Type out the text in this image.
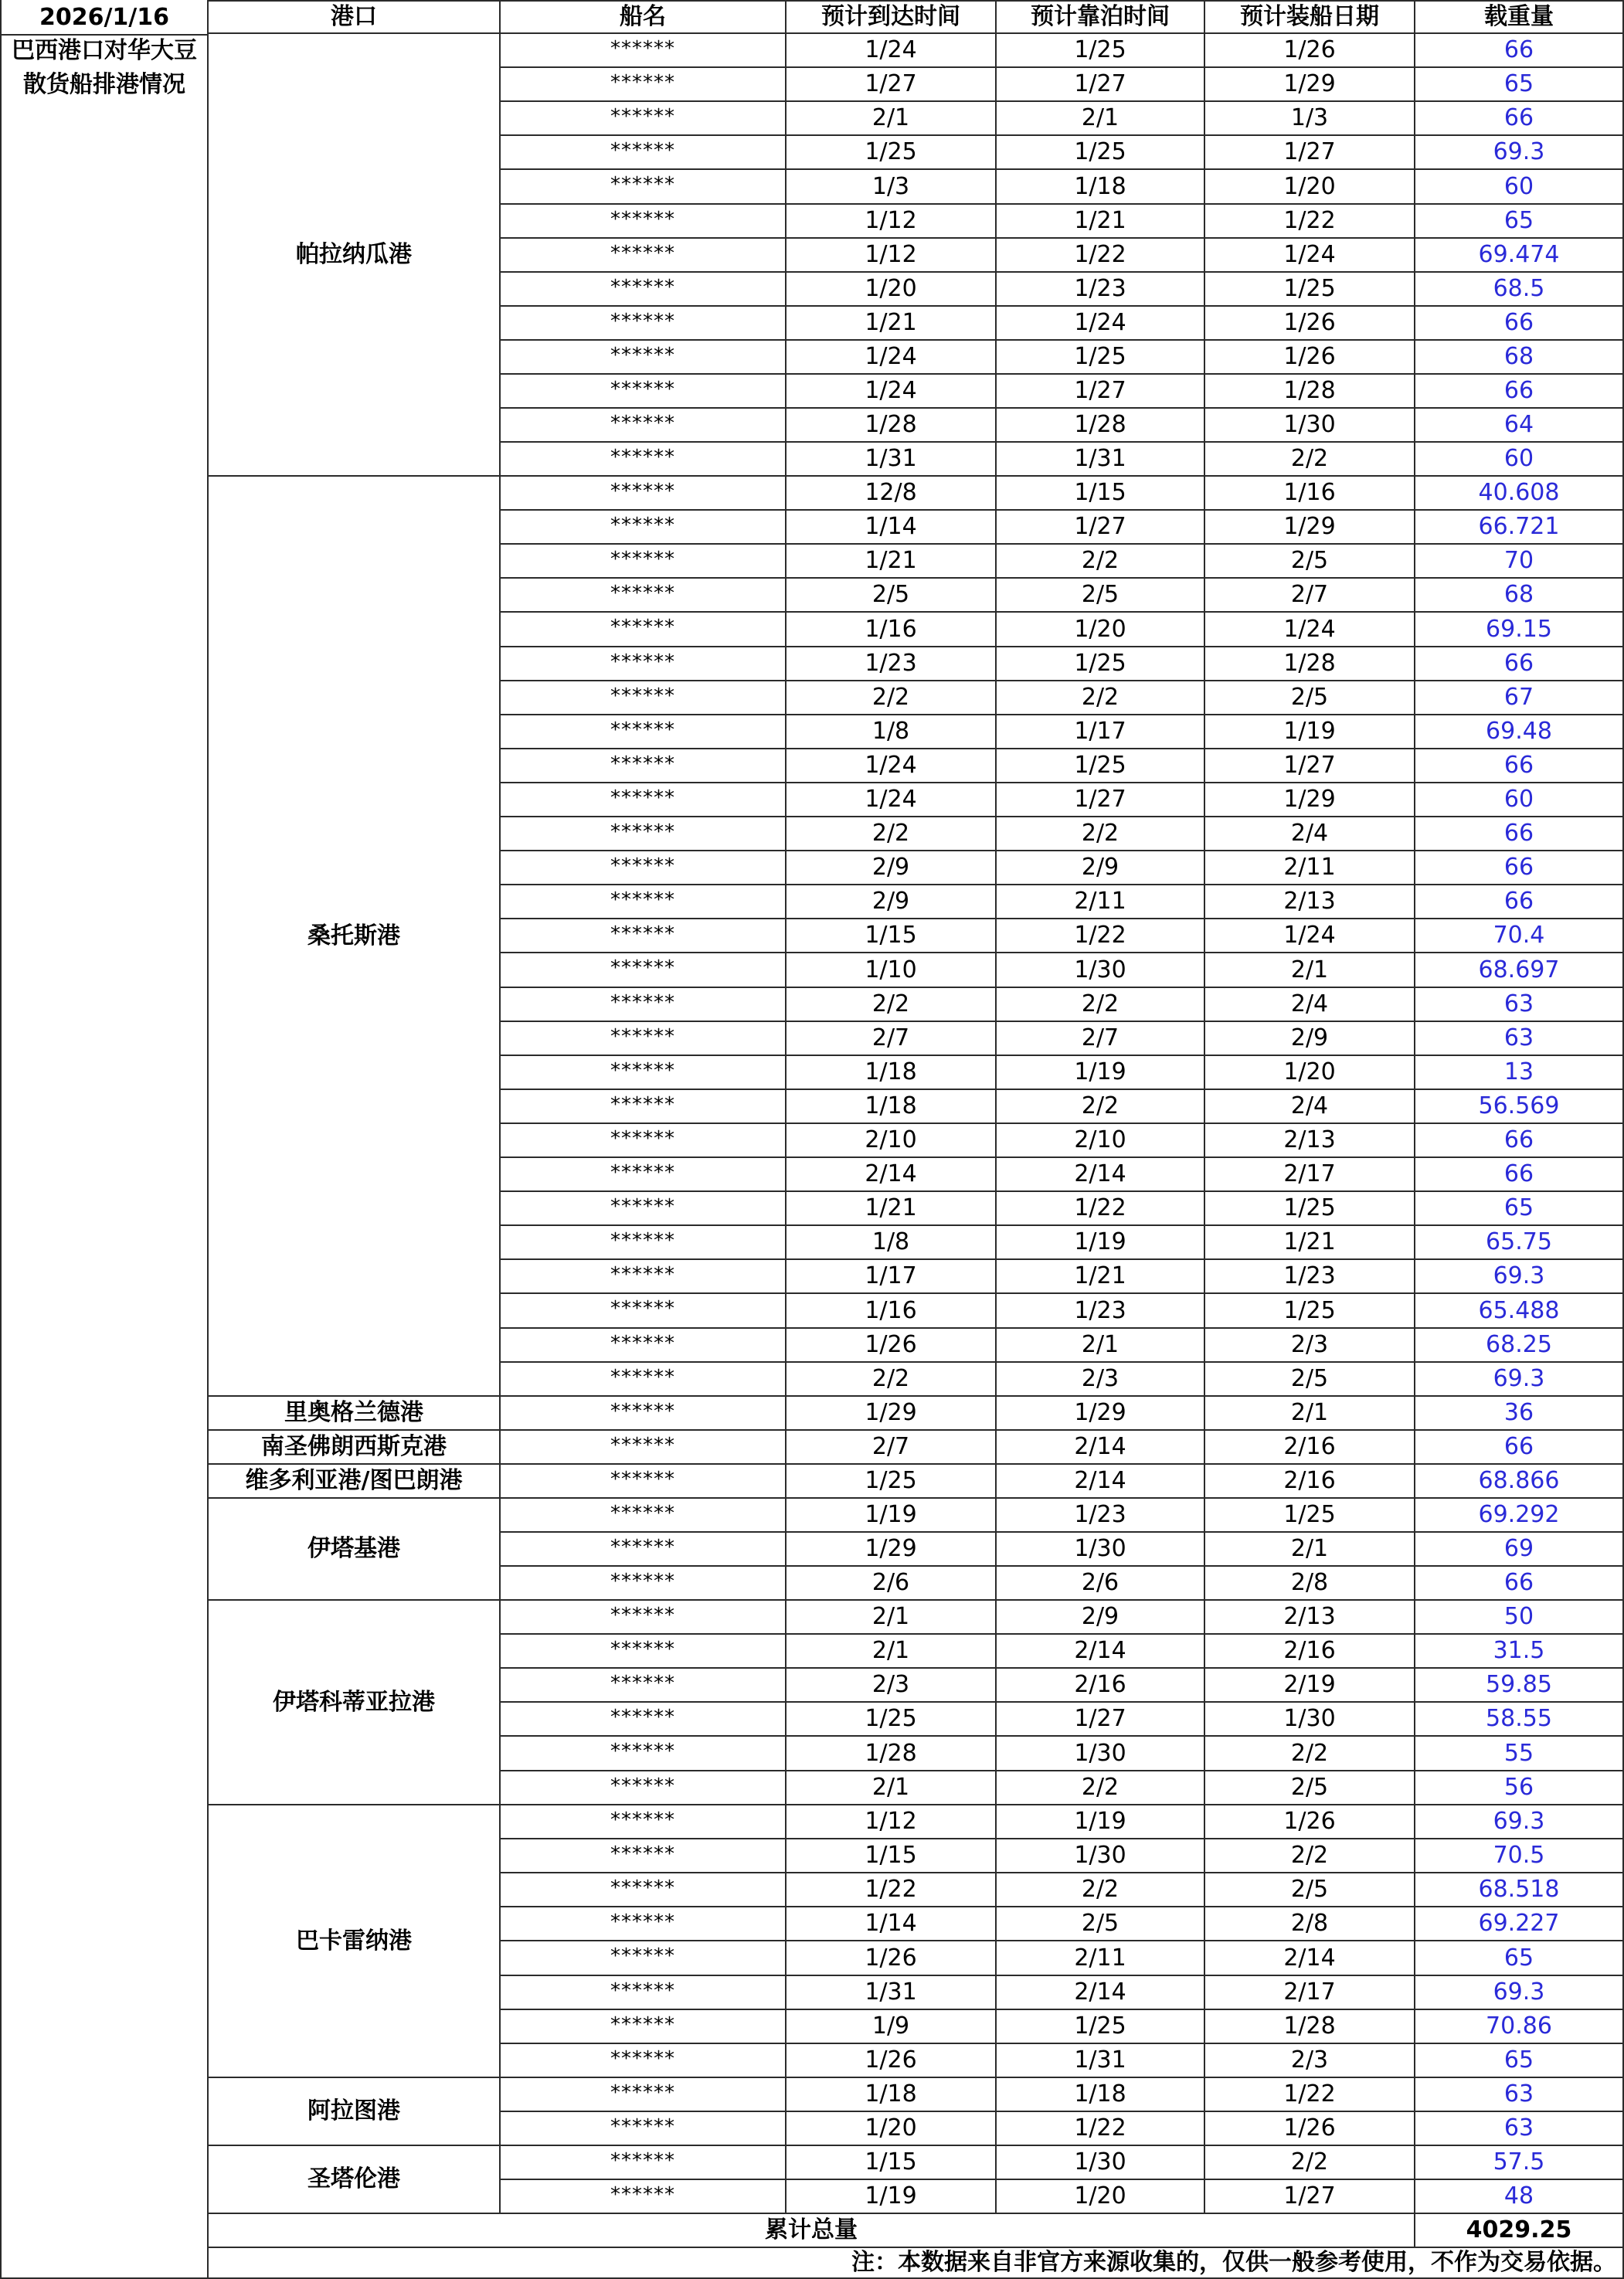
2026/1/16
巴西港口对华大豆
散货船排港情况
港口	船名	预计到达时间	预计靠泊时间	预计装船日期	载重量
帕拉纳瓜港
******	1/24	1/25	1/26	66
******	1/27	1/27	1/29	65
******	2/1	2/1	1/3	66
******	1/25	1/25	1/27	69.3
******	1/3	1/18	1/20	60
******	1/12	1/21	1/22	65
******	1/12	1/22	1/24	69.474
******	1/20	1/23	1/25	68.5
******	1/21	1/24	1/26	66
******	1/24	1/25	1/26	68
******	1/24	1/27	1/28	66
******	1/28	1/28	1/30	64
******	1/31	1/31	2/2	60
桑托斯港
******	12/8	1/15	1/16	40.608
******	1/14	1/27	1/29	66.721
******	1/21	2/2	2/5	70
******	2/5	2/5	2/7	68
******	1/16	1/20	1/24	69.15
******	1/23	1/25	1/28	66
******	2/2	2/2	2/5	67
******	1/8	1/17	1/19	69.48
******	1/24	1/25	1/27	66
******	1/24	1/27	1/29	60
******	2/2	2/2	2/4	66
******	2/9	2/9	2/11	66
******	2/9	2/11	2/13	66
******	1/15	1/22	1/24	70.4
******	1/10	1/30	2/1	68.697
******	2/2	2/2	2/4	63
******	2/7	2/7	2/9	63
******	1/18	1/19	1/20	13
******	1/18	2/2	2/4	56.569
******	2/10	2/10	2/13	66
******	2/14	2/14	2/17	66
******	1/21	1/22	1/25	65
******	1/8	1/19	1/21	65.75
******	1/17	1/21	1/23	69.3
******	1/16	1/23	1/25	65.488
******	1/26	2/1	2/3	68.25
******	2/2	2/3	2/5	69.3
里奥格兰德港	******	1/29	1/29	2/1	36
南圣佛朗西斯克港	******	2/7	2/14	2/16	66
维多利亚港/图巴朗港	******	1/25	2/14	2/16	68.866
伊塔基港
******	1/19	1/23	1/25	69.292
******	1/29	1/30	2/1	69
******	2/6	2/6	2/8	66
伊塔科蒂亚拉港
******	2/1	2/9	2/13	50
******	2/1	2/14	2/16	31.5
******	2/3	2/16	2/19	59.85
******	1/25	1/27	1/30	58.55
******	1/28	1/30	2/2	55
******	2/1	2/2	2/5	56
巴卡雷纳港
******	1/12	1/19	1/26	69.3
******	1/15	1/30	2/2	70.5
******	1/22	2/2	2/5	68.518
******	1/14	2/5	2/8	69.227
******	1/26	2/11	2/14	65
******	1/31	2/14	2/17	69.3
******	1/9	1/25	1/28	70.86
******	1/26	1/31	2/3	65
阿拉图港
******	1/18	1/18	1/22	63
******	1/20	1/22	1/26	63
圣塔伦港
******	1/15	1/30	2/2	57.5
******	1/19	1/20	1/27	48
累计总量	4029.25
注：本数据来自非官方来源收集的，仅供一般参考使用，不作为交易依据。
